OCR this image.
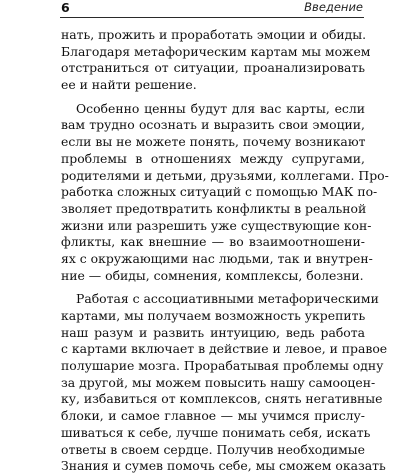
6	Введение
нать, прожить и проработать эмоции и обиды.
Благодаря метафорическим картам мы можем
отстраниться от ситуации, проанализировать
ее и найти решение.
Особенно ценны будут для вас карты, если
вам трудно осознать и выразить свои эмоции,
если вы не можете понять, почему возникают
проблемы в отношениях между супругами,
родителями и детьми, друзьями, коллегами. Про-
работка сложных ситуаций с помощью МАК по-
зволяет предотвратить конфликты в реальной
жизни или разрешить уже существующие кон-
фликты, как внешние — во взаимоотношени-
ях с окружающими нас людьми, так и внутрен-
ние — обиды, сомнения, комплексы, болезни.
Работая с ассоциативными метафорическими
картами, мы получаем возможность укрепить
наш разум и развить интуицию, ведь работа
с картами включает в действие и левое, и правое
полушарие мозга. Прорабатывая проблемы одну
за другой, мы можем повысить нашу самооцен-
ку, избавиться от комплексов, снять негативные
блоки, и самое главное — мы учимся прислу-
шиваться к себе, лучше понимать себя, искать
ответы в своем сердце. Получив необходимые
Знания и сумев помочь себе, мы сможем оказать
